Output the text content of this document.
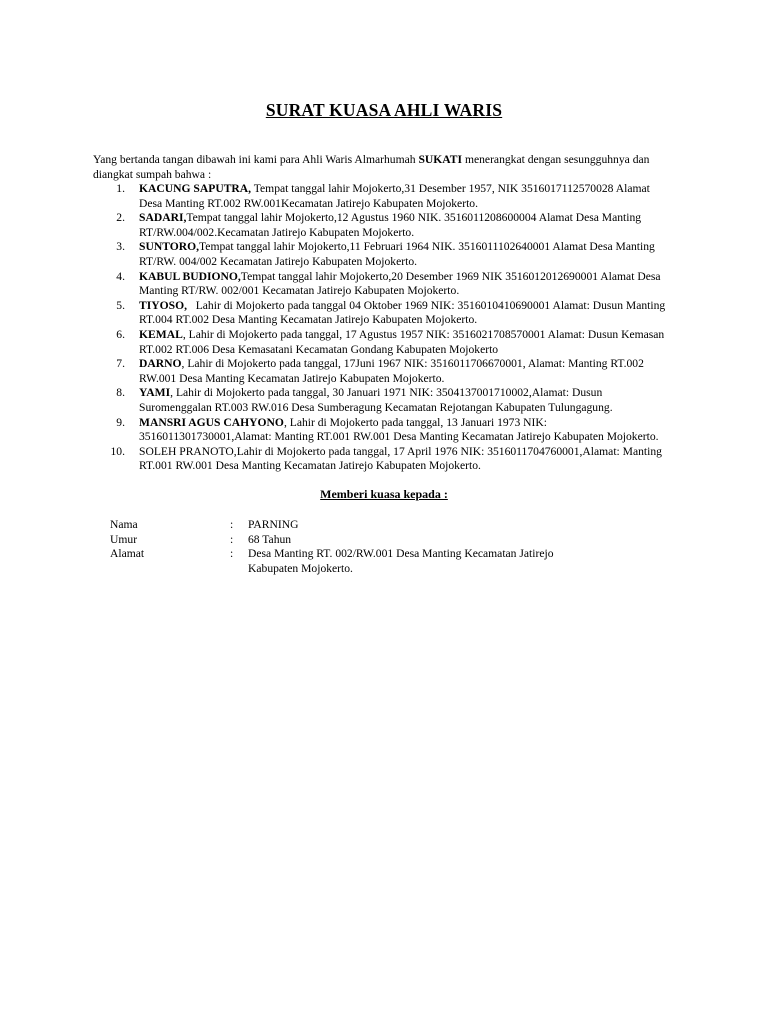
SURAT KUASA AHLI WARIS
Yang bertanda tangan dibawah ini kami para Ahli Waris Almarhumah SUKATI menerangkat dengan sesungguhnya dan diangkat sumpah bahwa :
1. KACUNG SAPUTRA, Tempat tanggal lahir Mojokerto,31 Desember 1957, NIK 3516017112570028 Alamat Desa Manting RT.002 RW.001Kecamatan Jatirejo Kabupaten Mojokerto.
2. SADARI,Tempat tanggal lahir Mojokerto,12 Agustus 1960 NIK. 3516011208600004 Alamat Desa Manting RT/RW.004/002.Kecamatan Jatirejo Kabupaten Mojokerto.
3. SUNTORO,Tempat tanggal lahir Mojokerto,11 Februari 1964 NIK. 3516011102640001 Alamat Desa Manting RT/RW. 004/002 Kecamatan Jatirejo Kabupaten Mojokerto.
4. KABUL BUDIONO,Tempat tanggal lahir Mojokerto,20 Desember 1969 NIK 3516012012690001 Alamat Desa Manting RT/RW. 002/001 Kecamatan Jatirejo Kabupaten Mojokerto.
5. TIYOSO,   Lahir di Mojokerto pada tanggal 04 Oktober 1969 NIK: 3516010410690001 Alamat: Dusun Manting RT.004 RT.002 Desa Manting Kecamatan Jatirejo Kabupaten Mojokerto.
6. KEMAL, Lahir di Mojokerto pada tanggal, 17 Agustus 1957 NIK: 3516021708570001 Alamat: Dusun Kemasan RT.002 RT.006 Desa Kemasatani Kecamatan Gondang Kabupaten Mojokerto
7. DARNO, Lahir di Mojokerto pada tanggal, 17Juni 1967 NIK: 3516011706670001, Alamat: Manting RT.002 RW.001 Desa Manting Kecamatan Jatirejo Kabupaten Mojokerto.
8. YAMI, Lahir di Mojokerto pada tanggal, 30 Januari 1971 NIK: 3504137001710002,Alamat: Dusun Suromenggalan RT.003 RW.016 Desa Sumberagung Kecamatan Rejotangan Kabupaten Tulungagung.
9. MANSRI AGUS CAHYONO, Lahir di Mojokerto pada tanggal, 13 Januari 1973 NIK: 3516011301730001,Alamat: Manting RT.001 RW.001 Desa Manting Kecamatan Jatirejo Kabupaten Mojokerto.
10. SOLEH PRANOTO,Lahir di Mojokerto pada tanggal, 17 April 1976 NIK: 3516011704760001,Alamat: Manting RT.001 RW.001 Desa Manting Kecamatan Jatirejo Kabupaten Mojokerto.
Memberi kuasa kepada :
Nama	: PARNING
Umur	: 68 Tahun
Alamat	: Desa Manting RT. 002/RW.001 Desa Manting Kecamatan Jatirejo Kabupaten Mojokerto.
